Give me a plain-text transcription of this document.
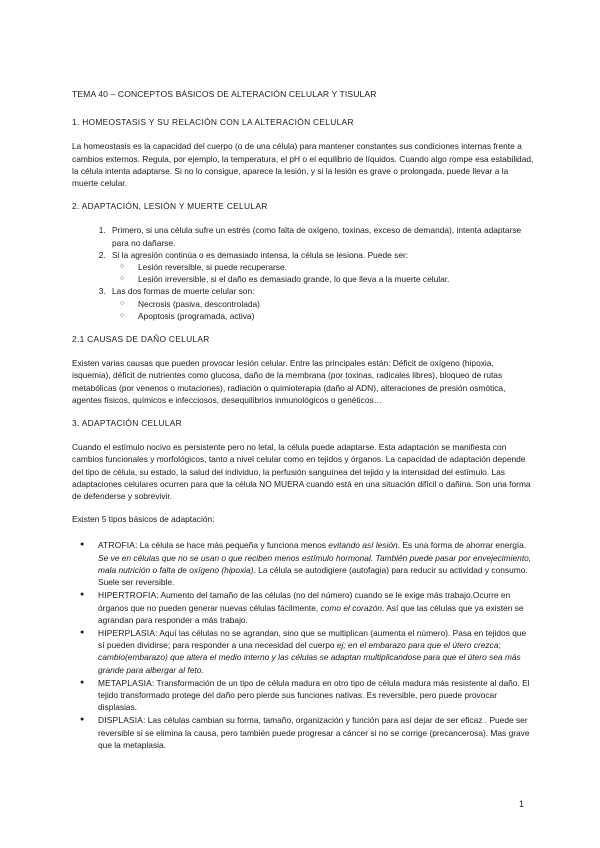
TEMA 40 – CONCEPTOS BÁSICOS DE ALTERACIÓN CELULAR Y TISULAR
1. HOMEOSTASIS Y SU RELACIÓN CON LA ALTERACIÓN CELULAR

La homeostasis es la capacidad del cuerpo (o de una célula) para mantener constantes sus condiciones internas frente a cambios externos. Regula, por ejemplo, la temperatura, el pH o el equilibrio de líquidos. Cuando algo rompe esa estabilidad, la célula intenta adaptarse. Si no lo consigue, aparece la lesión, y si la lesión es grave o prolongada, puede llevar a la muerte celular.

2. ADAPTACIÓN, LESIÓN Y MUERTE CELULAR
1. Primero, si una célula sufre un estrés (como falta de oxígeno, toxinas, exceso de demanda), intenta adaptarse para no dañarse.
2. Si la agresión continúa o es demasiado intensa, la célula se lesiona. Puede ser:
○ Lesión reversible, si puede recuperarse.
○ Lesión irreversible, si el daño es demasiado grande, lo que lleva a la muerte celular.
3. Las dos formas de muerte celular son:
○ Necrosis (pasiva, descontrolada)
○ Apoptosis (programada, activa)
2.1 CAUSAS DE DAÑO CELULAR

Existen varias causas que pueden provocar lesión celular. Entre las principales están: Déficit de oxígeno (hipoxia, isquemia), déficit de nutrientes como glucosa, daño de la membrana (por toxinas, radicales libres), bloqueo de rutas metabólicas (por venenos o mutaciones), radiación o quimioterapia (daño al ADN), alteraciones de presión osmótica, agentes físicos, químicos e infecciosos, desequilibrios inmunológicos o genéticos…

3. ADAPTACIÓN CELULAR

Cuando el estímulo nocivo es persistente pero no letal, la célula puede adaptarse. Esta adaptación se manifiesta con cambios funcionales y morfológicos, tanto a nivel celular como en tejidos y órganos. La capacidad de adaptación depende del tipo de célula, su estado, la salud del individuo, la perfusión sanguínea del tejido y la intensidad del estímulo. Las adaptaciones celulares ocurren para que la célula NO MUERA cuando está en una situación difícil o dañina. Son una forma de defenderse y sobrevivir.

Existen 5 tipos básicos de adaptación:

● ATROFIA: La célula se hace más pequeña y funciona menos evitando así lesión. Es una forma de ahorrar energía. Se ve en células que no se usan o que reciben menos estímulo hormonal. También puede pasar por envejecimiento, mala nutrición o falta de oxígeno (hipoxia). La célula se autodigiere (autofagia) para reducir su actividad y consumo. Suele ser reversible.
● HIPERTROFIA: Aumento del tamaño de las células (no del número) cuando se le exige más trabajo.Ocurre en órganos que no pueden generar nuevas células fácilmente, como el corazón. Así que las células que ya existen se agrandan para responder a más trabajo.
● HIPERPLASIA: Aquí las células no se agrandan, sino que se multiplican (aumenta el número). Pasa en tejidos que sí pueden dividirse; para responder a una necesidad del cuerpo ej; en el embarazo para que el útero crezca; cambio(embarazo) que altera el medio interno y las células se adaptan multiplicandose para que el útero sea más grande para albergar al feto.
● METAPLASIA: Transformación de un tipo de célula madura en otro tipo de célula madura más resistente al daño. El tejido transformado protege del daño pero pierde sus funciones nativas. Es reversible, pero puede provocar displasias.
● DISPLASIA: Las células cambian su forma, tamaño, organización y función para así dejar de ser eficaz . Puede ser reversible si se elimina la causa, pero también puede progresar a cáncer si no se corrige (precancerosa). Mas grave que la metaplasia.
1
